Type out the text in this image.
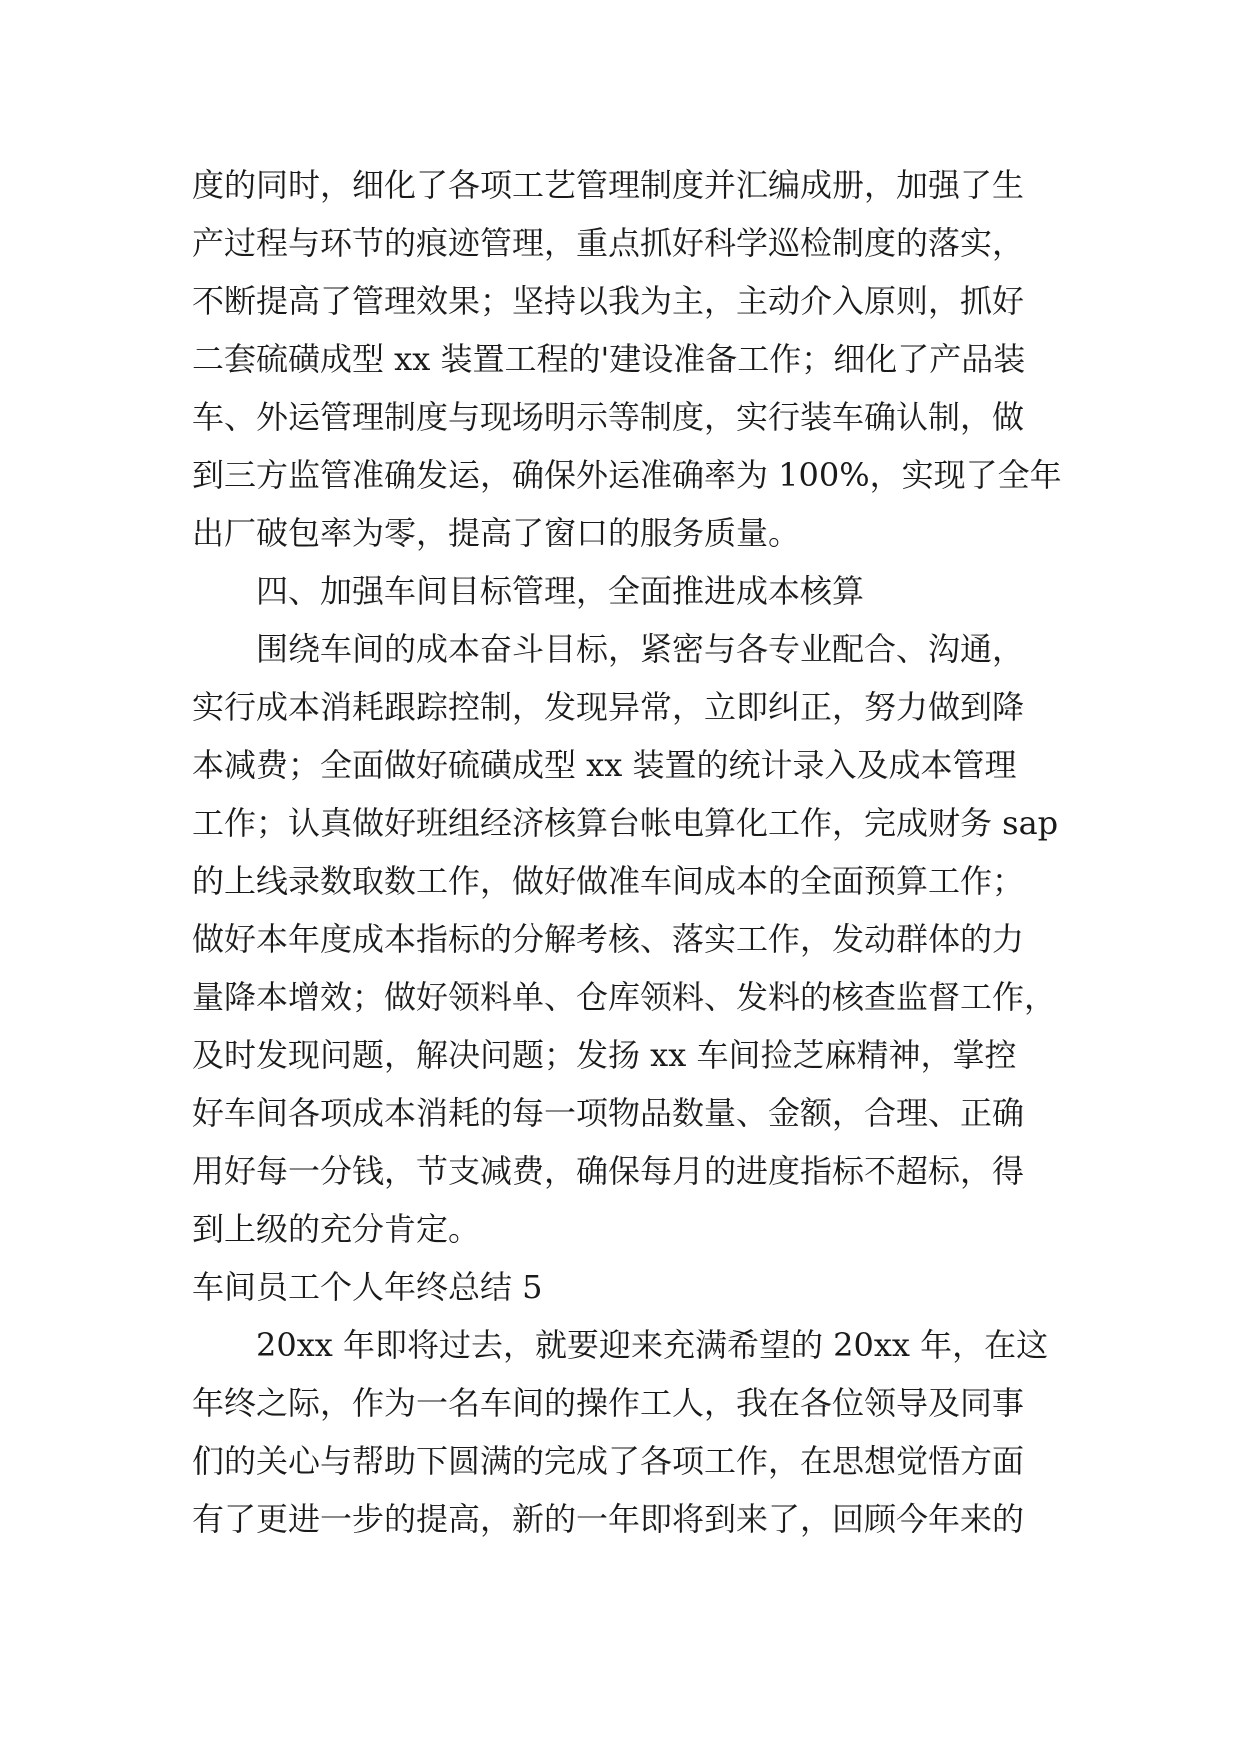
度的同时，细化了各项工艺管理制度并汇编成册，加强了生
产过程与环节的痕迹管理，重点抓好科学巡检制度的落实，
不断提高了管理效果；坚持以我为主，主动介入原则，抓好
二套硫磺成型 xx 装置工程的'建设准备工作；细化了产品装
车、外运管理制度与现场明示等制度，实行装车确认制，做
到三方监管准确发运，确保外运准确率为 100%，实现了全年
出厂破包率为零，提高了窗口的服务质量。
四、加强车间目标管理，全面推进成本核算
围绕车间的成本奋斗目标，紧密与各专业配合、沟通，
实行成本消耗跟踪控制，发现异常，立即纠正，努力做到降
本减费；全面做好硫磺成型 xx 装置的统计录入及成本管理
工作；认真做好班组经济核算台帐电算化工作，完成财务 sap
的上线录数取数工作，做好做准车间成本的全面预算工作；
做好本年度成本指标的分解考核、落实工作，发动群体的力
量降本增效；做好领料单、仓库领料、发料的核查监督工作，
及时发现问题，解决问题；发扬 xx 车间捡芝麻精神，掌控
好车间各项成本消耗的每一项物品数量、金额，合理、正确
用好每一分钱，节支减费，确保每月的进度指标不超标，得
到上级的充分肯定。
车间员工个人年终总结 5
20xx 年即将过去，就要迎来充满希望的 20xx 年，在这
年终之际，作为一名车间的操作工人，我在各位领导及同事
们的关心与帮助下圆满的完成了各项工作，在思想觉悟方面
有了更进一步的提高，新的一年即将到来了，回顾今年来的
